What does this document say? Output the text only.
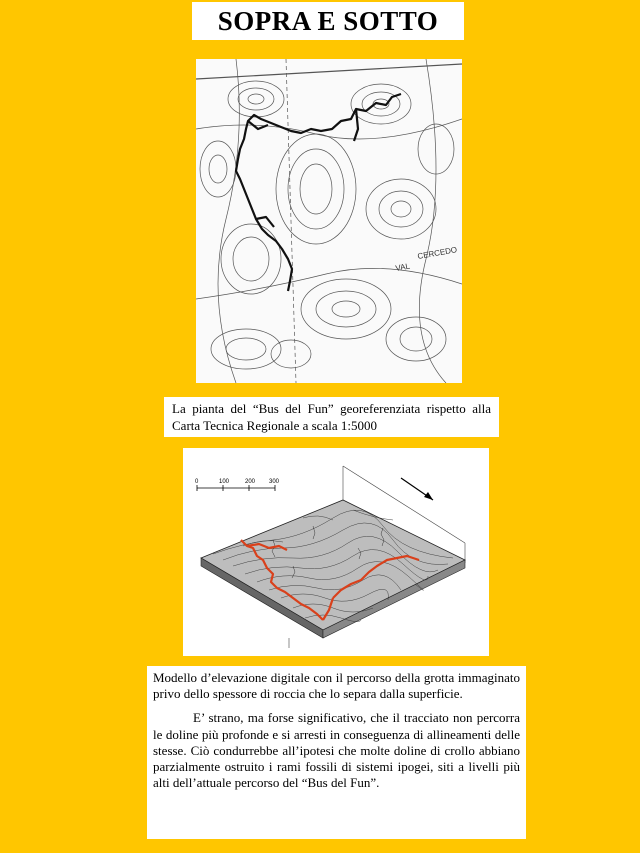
SOPRA E SOTTO
VAL
CERCEDO
La pianta del “Bus del Fun” georeferenziata rispetto alla Carta Tecnica Regionale a scala 1:5000
0	100	200 300

Modello d’elevazione digitale con il percorso della grotta immaginato privo dello spessore di roccia che lo separa dalla superficie.

E’ strano, ma forse significativo, che il tracciato non percorra le doline più profonde e si arresti in conseguenza di allineamenti delle stesse. Ciò condurrebbe all’ipotesi che molte doline di crollo abbiano parzialmente ostruito i rami fossili di sistemi ipogei, siti a livelli più alti dell’attuale percorso del “Bus del Fun”.
